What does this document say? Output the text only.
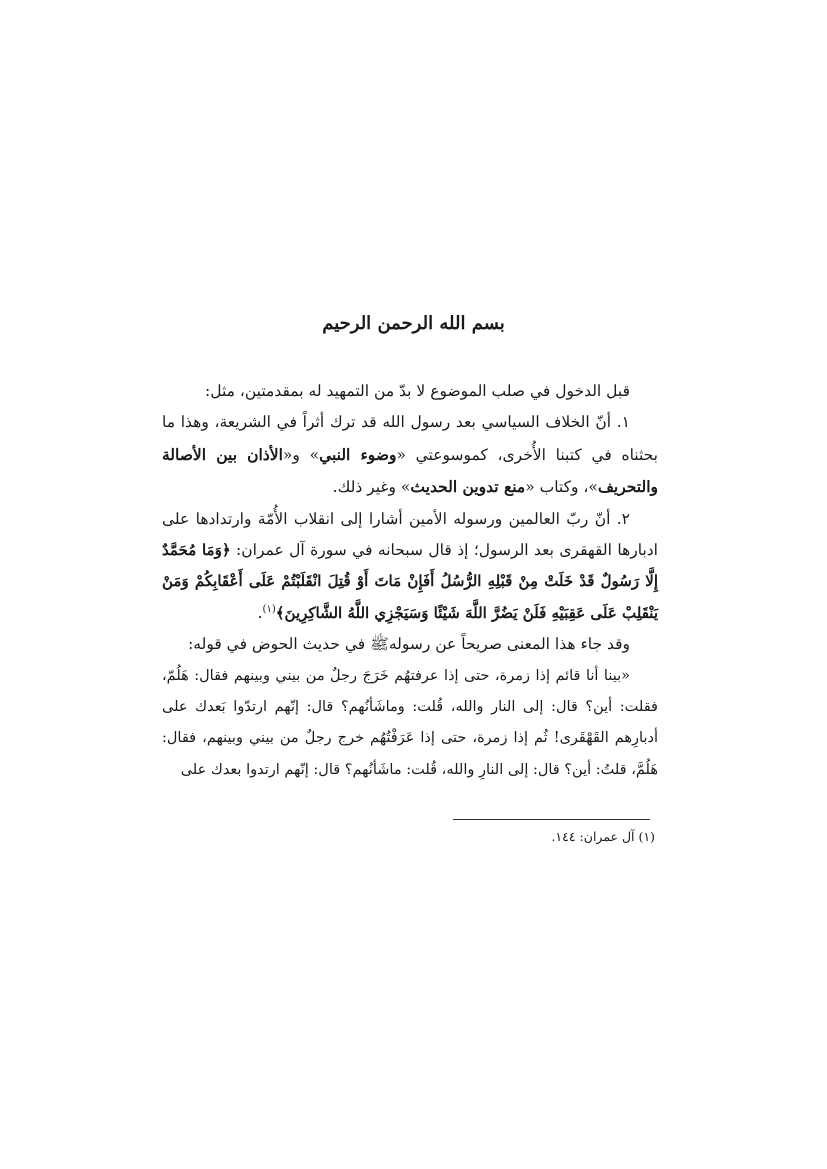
بسم الله الرحمن الرحيم

قبل الدخول في صلب الموضوع لا بدّ من التمهيد له بمقدمتين، مثل:

١. أنّ الخلاف السياسي بعد رسول الله قد ترك أثراً في الشريعة، وهذا ما بحثناه في كتبنا الأُخرى، كموسوعتي «وضوء النبي» و«الأذان بين الأصالة والتحريف»، وكتاب «منع تدوين الحديث» وغير ذلك.

٢. أنّ ربّ العالمين ورسوله الأمين أشارا إلى انقلاب الأُمّة وارتدادها على ادبارها القهقرى بعد الرسول؛ إذ قال سبحانه في سورة آل عمران: ﴿وَمَا مُحَمَّدٌ إِلَّا رَسُولٌ قَدْ خَلَتْ مِنْ قَبْلِهِ الرُّسُلُ أَفَإِنْ مَاتَ أَوْ قُتِلَ انْقَلَبْتُمْ عَلَى أَعْقَابِكُمْ وَمَنْ يَنْقَلِبْ عَلَى عَقِبَيْهِ فَلَنْ يَضُرَّ اللَّهَ شَيْئًا وَسَيَجْزِي اللَّهُ الشَّاكِرِينَ﴾$^{(١)}$.

وقد جاء هذا المعنى صريحاً عن رسولهﷺ في حديث الحوض في قوله:

«بينا أنا قائم إذا زمرة، حتى إذا عرفتهُم خَرَجَ رجلٌ من بيني وبينهم فقال: هَلُمّ، فقلت: أين؟ قال: إلى النار والله، قُلت: وماشَأنُهم؟ قال: إنّهم ارتدّوا بَعدك على أدبارِهم القَهْقَرى! ثُم إذا زمرة، حتى إذا عَرَفْتُهُم خرج رجلٌ من بيني وبينهم، فقال: هَلُمَّ، قلتُ: أين؟ قال: إلى النارِ والله، قُلت: ماشَأنُهم؟ قال: إنّهم ارتدوا بعدك على

(١) آل عمران: ١٤٤.
